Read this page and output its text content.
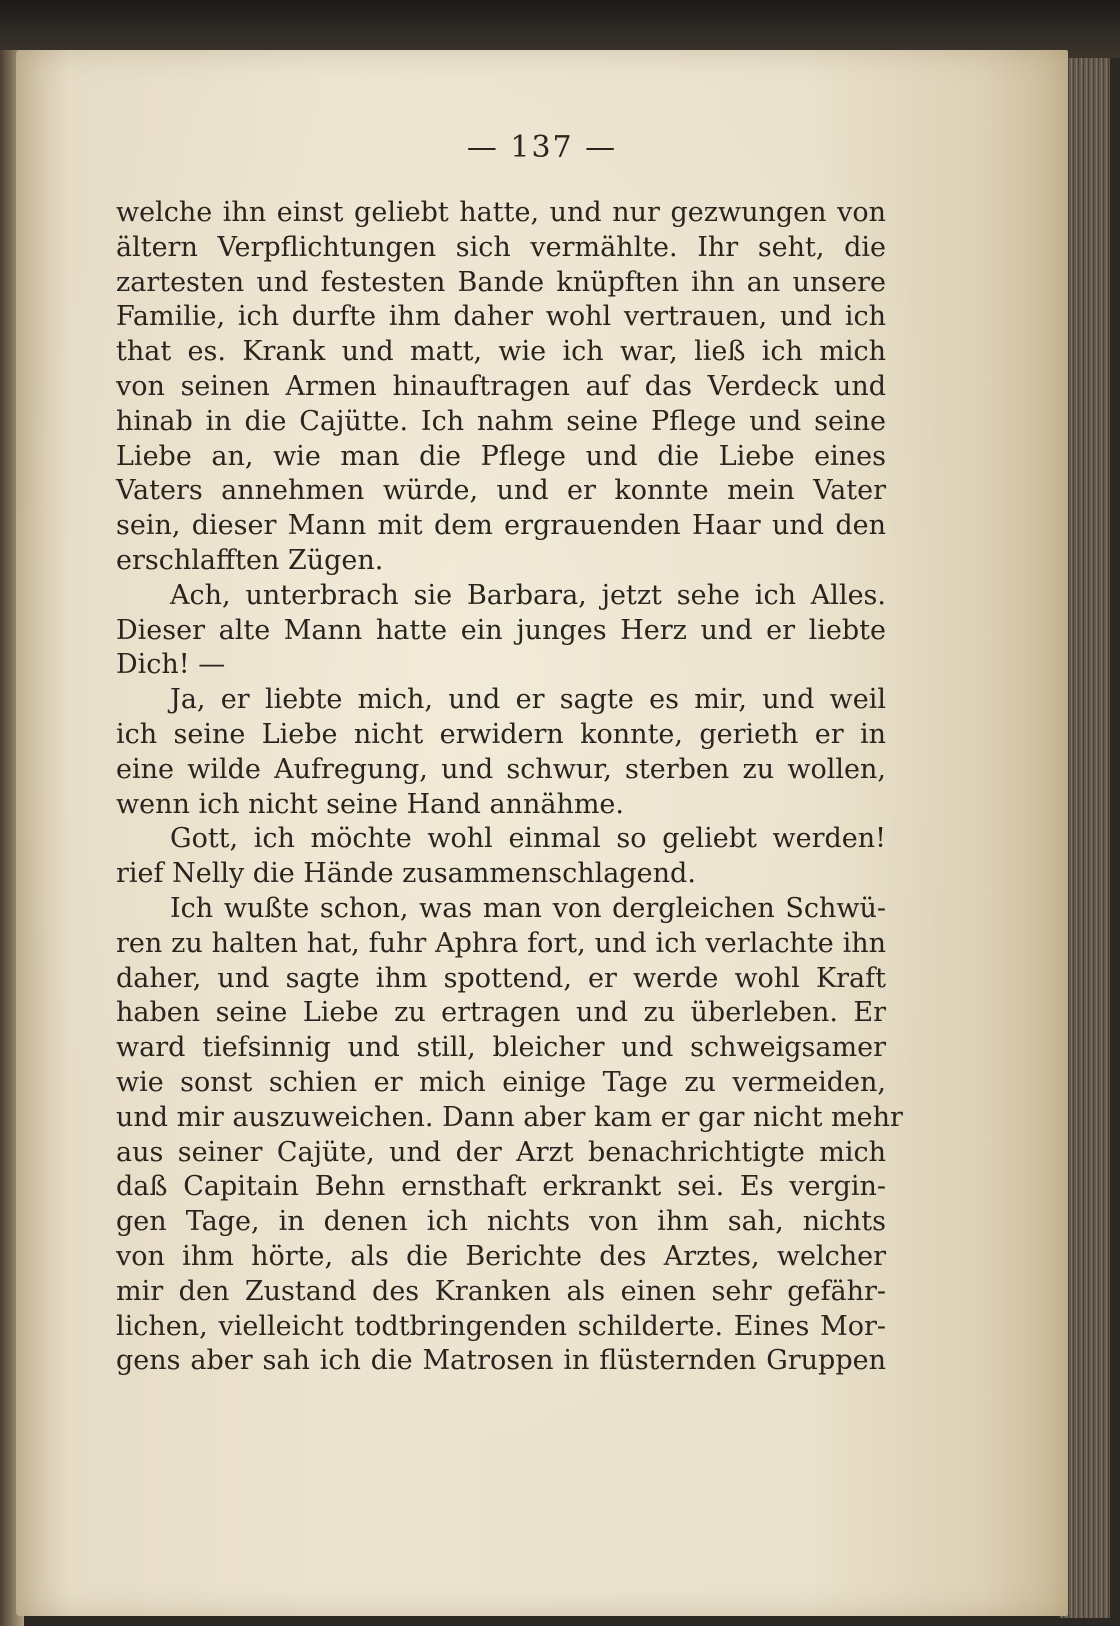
— 137 —
welche ihn einst geliebt hatte, und nur gezwungen von
ältern Verpflichtungen sich vermählte. Ihr seht, die
zartesten und festesten Bande knüpften ihn an unsere
Familie, ich durfte ihm daher wohl vertrauen, und ich
that es. Krank und matt, wie ich war, ließ ich mich
von seinen Armen hinauftragen auf das Verdeck und
hinab in die Cajütte. Ich nahm seine Pflege und seine
Liebe an, wie man die Pflege und die Liebe eines
Vaters annehmen würde, und er konnte mein Vater
sein, dieser Mann mit dem ergrauenden Haar und den
erschlafften Zügen.
Ach, unterbrach sie Barbara, jetzt sehe ich Alles.
Dieser alte Mann hatte ein junges Herz und er liebte
Dich! —
Ja, er liebte mich, und er sagte es mir, und weil
ich seine Liebe nicht erwidern konnte, gerieth er in
eine wilde Aufregung, und schwur, sterben zu wollen,
wenn ich nicht seine Hand annähme.
Gott, ich möchte wohl einmal so geliebt werden!
rief Nelly die Hände zusammenschlagend.
Ich wußte schon, was man von dergleichen Schwü-
ren zu halten hat, fuhr Aphra fort, und ich verlachte ihn
daher, und sagte ihm spottend, er werde wohl Kraft
haben seine Liebe zu ertragen und zu überleben. Er
ward tiefsinnig und still, bleicher und schweigsamer
wie sonst schien er mich einige Tage zu vermeiden,
und mir auszuweichen. Dann aber kam er gar nicht mehr
aus seiner Cajüte, und der Arzt benachrichtigte mich
daß Capitain Behn ernsthaft erkrankt sei. Es vergin-
gen Tage, in denen ich nichts von ihm sah, nichts
von ihm hörte, als die Berichte des Arztes, welcher
mir den Zustand des Kranken als einen sehr gefähr-
lichen, vielleicht todtbringenden schilderte. Eines Mor-
gens aber sah ich die Matrosen in flüsternden Gruppen
